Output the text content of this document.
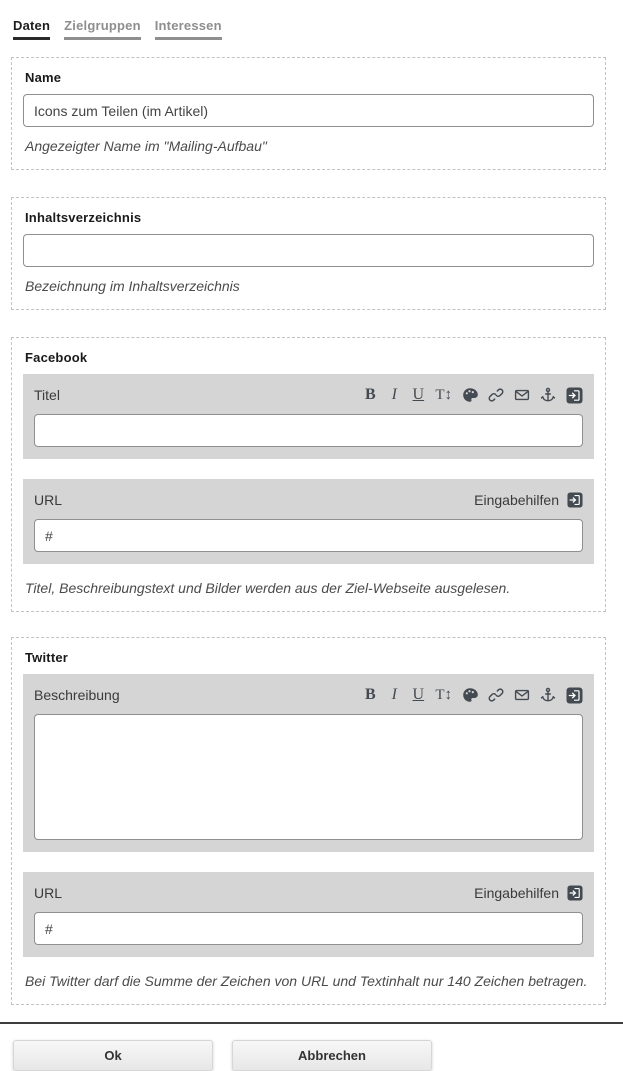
Daten Zielgruppen Interessen
Name
Icons zum Teilen (im Artikel)
Angezeigter Name im "Mailing-Aufbau"
Inhaltsverzeichnis
Bezeichnung im Inhaltsverzeichnis
Facebook
Titel	B I U T↕
URL	Eingabehilfen
#
Titel, Beschreibungstext und Bilder werden aus der Ziel-Webseite ausgelesen.
Twitter
Beschreibung	B I U T↕
URL	Eingabehilfen
#
Bei Twitter darf die Summe der Zeichen von URL und Textinhalt nur 140 Zeichen betragen.
Ok	Abbrechen
